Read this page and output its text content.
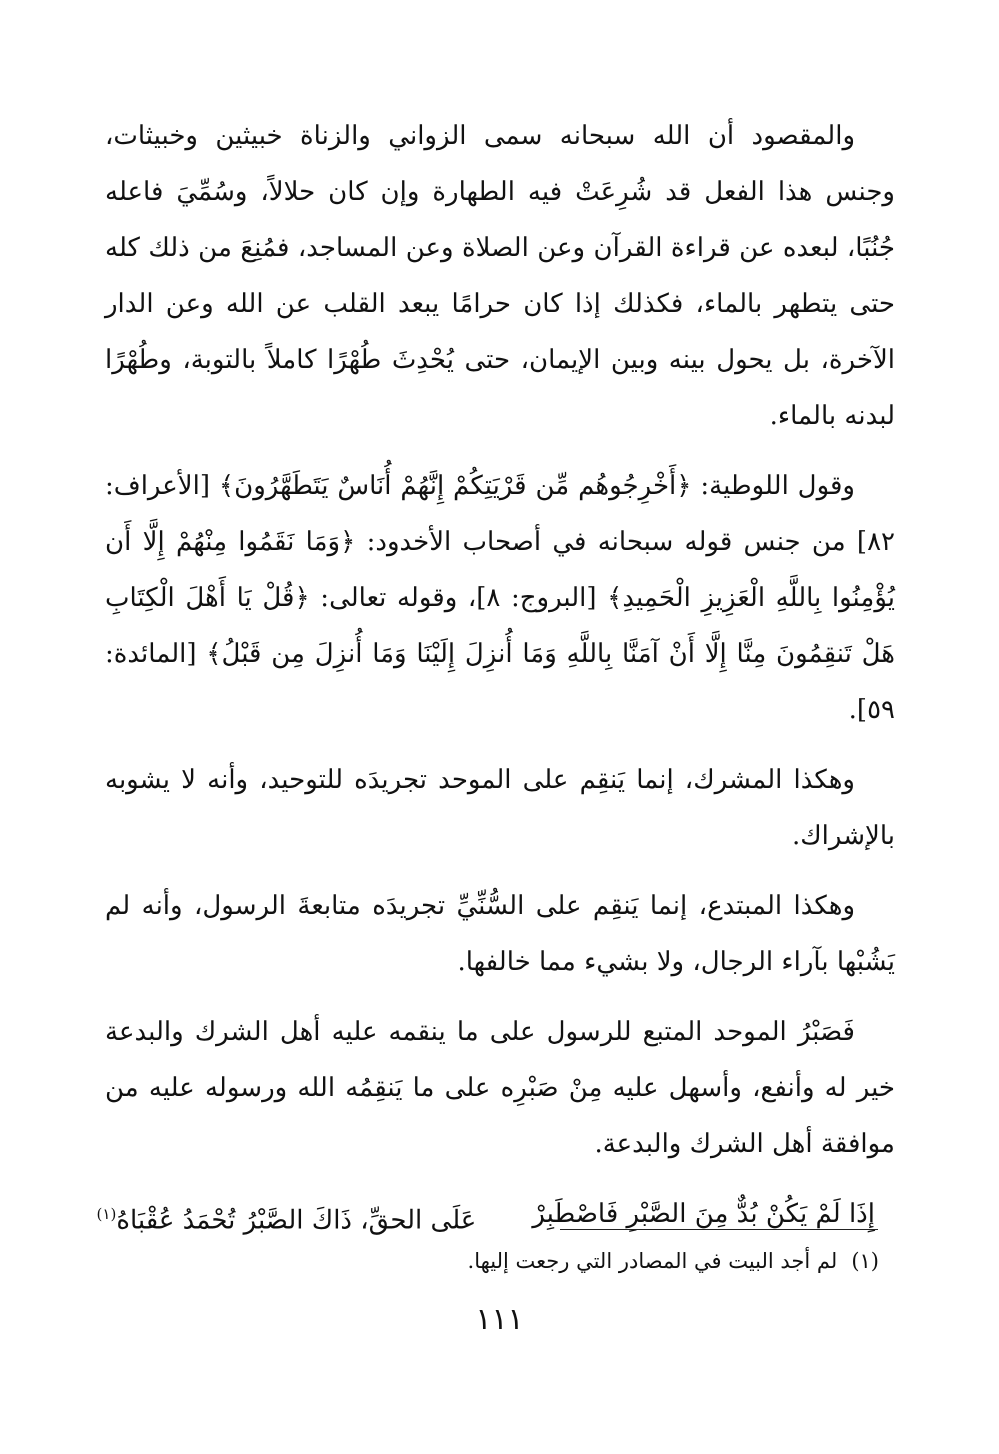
والمقصود أن الله سبحانه سمى الزواني والزناة خبيثين وخبيثات، وجنس هذا الفعل قد شُرِعَتْ فيه الطهارة وإن كان حلالاً، وسُمِّيَ فاعله جُنُبًا، لبعده عن قراءة القرآن وعن الصلاة وعن المساجد، فمُنِعَ من ذلك كله حتى يتطهر بالماء، فكذلك إذا كان حرامًا يبعد القلب عن الله وعن الدار الآخرة، بل يحول بينه وبين الإيمان، حتى يُحْدِثَ طُهْرًا كاملاً بالتوبة، وطُهْرًا لبدنه بالماء.

وقول اللوطية: ﴿أَخْرِجُوهُم مِّن قَرْيَتِكُمْ إِنَّهُمْ أُنَاسٌ يَتَطَهَّرُونَ﴾ [الأعراف: ٨٢] من جنس قوله سبحانه في أصحاب الأخدود: ﴿وَمَا نَقَمُوا مِنْهُمْ إِلَّا أَن يُؤْمِنُوا بِاللَّهِ الْعَزِيزِ الْحَمِيدِ﴾ [البروج: ٨]، وقوله تعالى: ﴿قُلْ يَا أَهْلَ الْكِتَابِ هَلْ تَنقِمُونَ مِنَّا إِلَّا أَنْ آمَنَّا بِاللَّهِ وَمَا أُنزِلَ إِلَيْنَا وَمَا أُنزِلَ مِن قَبْلُ﴾ [المائدة: ٥٩].

وهكذا المشرك، إنما يَنقِم على الموحد تجريدَه للتوحيد، وأنه لا يشوبه بالإشراك.

وهكذا المبتدع، إنما يَنقِم على السُّنِّيِّ تجريدَه متابعةَ الرسول، وأنه لم يَشُبْها بآراء الرجال، ولا بشيء مما خالفها.

فَصَبْرُ الموحد المتبع للرسول على ما ينقمه عليه أهل الشرك والبدعة خير له وأنفع، وأسهل عليه مِنْ صَبْرِه على ما يَنقِمُه الله ورسوله عليه من موافقة أهل الشرك والبدعة.

إِذَا لَمْ يَكُنْ بُدٌّ مِنَ الصَّبْرِ فَاصْطَبِرْ
عَلَى الحقِّ، ذَاكَ الصَّبْرُ تُحْمَدُ عُقْبَاهُ$^{(١)}$
(١)لم أجد البيت في المصادر التي رجعت إليها.
١١١
